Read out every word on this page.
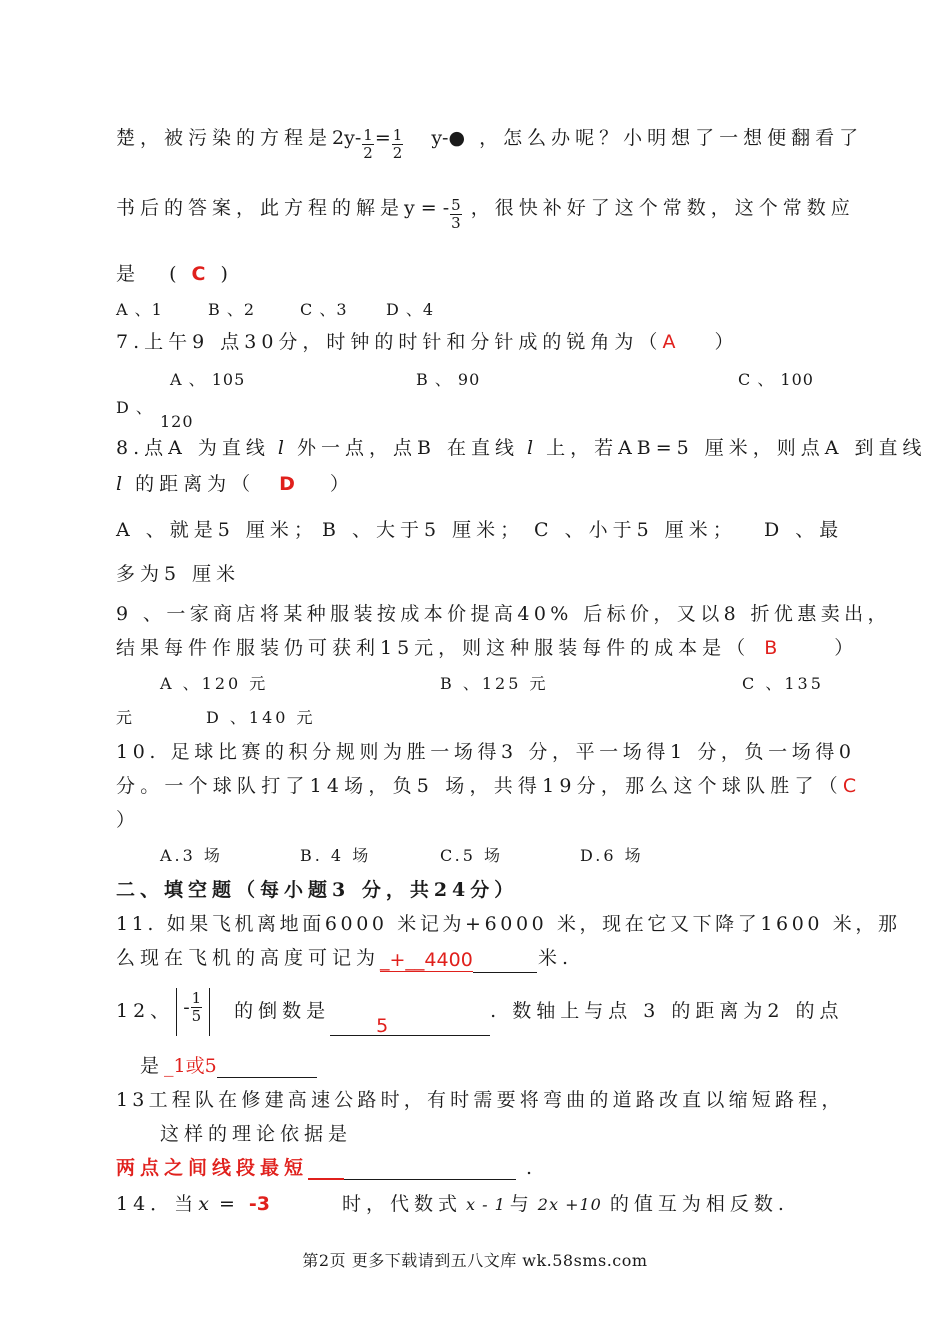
楚，被污染的方程是$2y- \frac{1}{2} = \frac{1}{2}$ y-● ，怎么办呢？小明想了一想便翻看了
书后的答案，此方程的解是y = - $\frac{5}{3}$ ，很快补好了这个常数，这个常数应
是 ( C )
A 、1	B 、2	C 、3 D 、4
7.上午9 点30分，时钟的时针和分针成的锐角为（A ）
A 、 105	B 、 90	C 、 100
D 、
120
8.点A 为直线 l 外一点，点B 在直线 l 上，若AB=5 厘米，则点A 到直线
l 的距离为（ D ）
A 、就是5 厘米； B 、大于5 厘米； C 、小于5 厘米； D 、最
多为5 厘米
9 、一家商店将某种服装按成本价提高40% 后标价，又以8 折优惠卖出，
结果每件作服装仍可获利15元，则这种服装每件的成本是（ B	）
A 、120 元	B 、125 元	C 、135
元	D 、140 元
10. 足球比赛的积分规则为胜一场得3 分，平一场得1 分，负一场得0
分。一个球队打了14场，负5 场，共得19分，那么这个球队胜了（C
）
A.3 场	B. 4 场	C.5 场	D.6 场
二、填空题（每小题3 分，共24分）
11. 如果飞机离地面6000 米记为+6000 米，现在它又下降了1600 米，那
么现在飞机的高度可记为_+__4400	米.
12、 - $\frac{1}{5}$ 的倒数是5. 数轴上与点 3 的距离为2 的点
是_1或5
13工程队在修建高速公路时，有时需要将弯曲的道路改直以缩短路程，
这样的理论依据是
两点之间线段最短	.
14．当x = -3	时，代数式 x - 1 与 2x +10 的值互为相反数.
第2页 更多下载请到五八文库 wk.58sms.com
